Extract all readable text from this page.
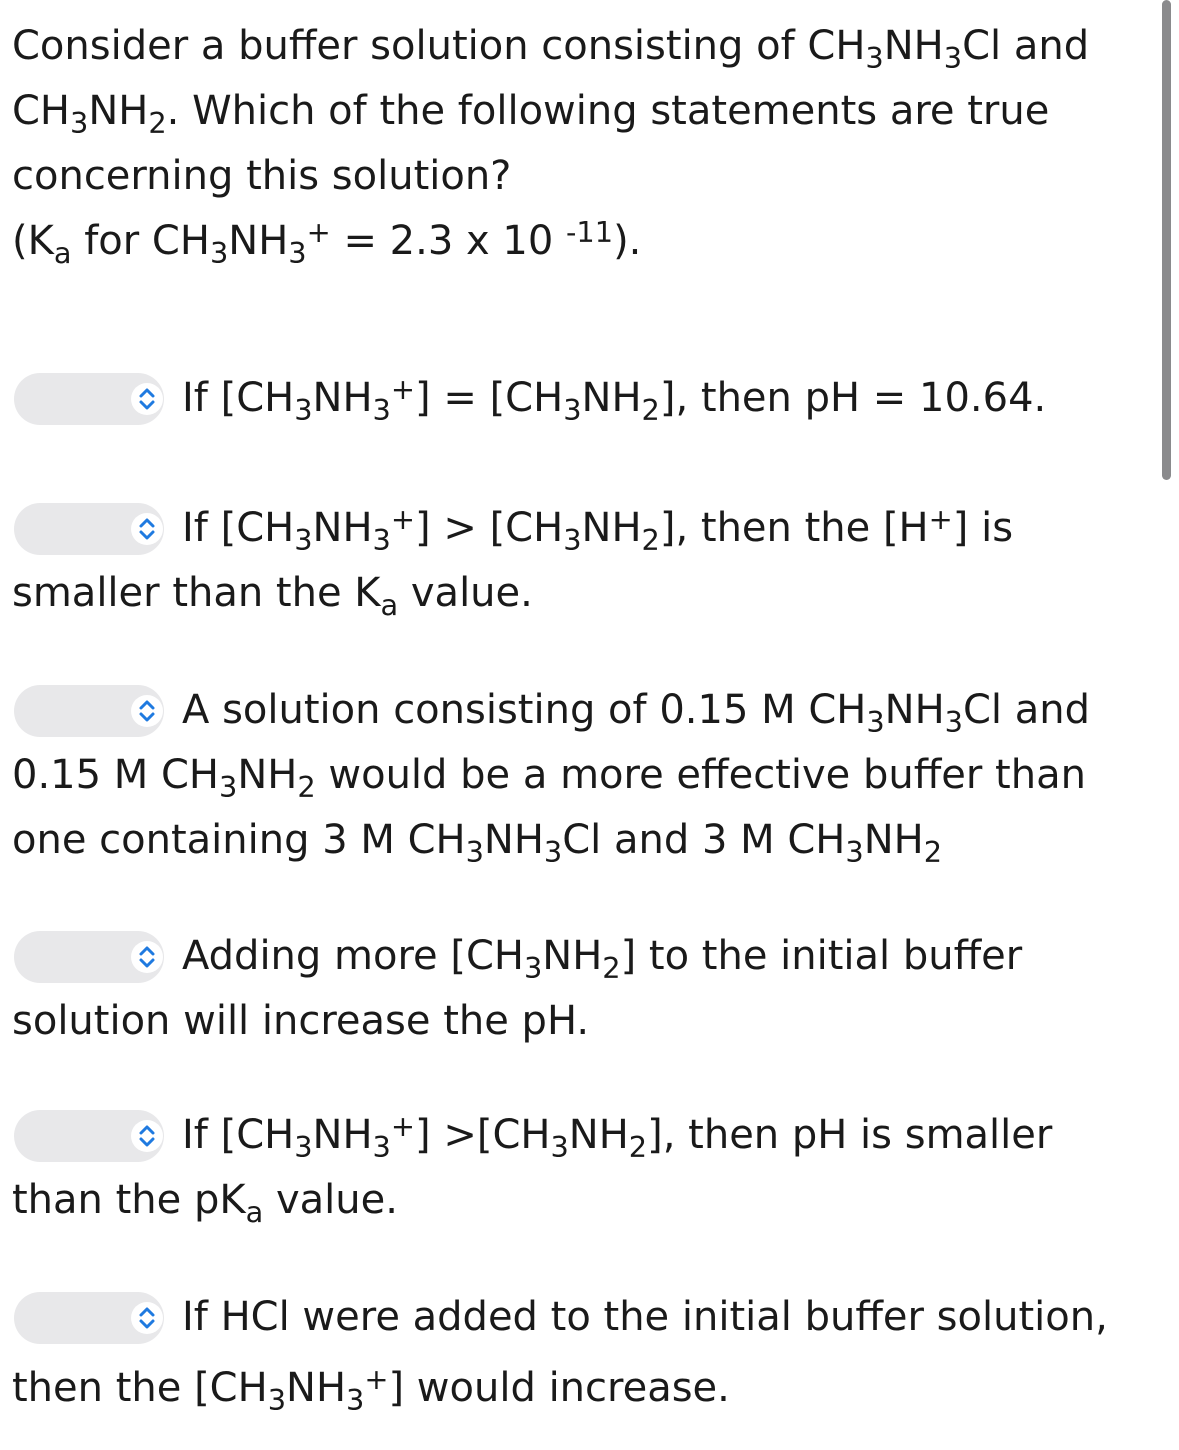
Consider a buffer solution consisting of $CH_3NH_3Cl$ and
$CH_3NH_2$. Which of the following statements are true
concerning this solution?
($K_a$ for $CH_3NH_3^+ = 2.3$ x 10 $^{-11}$).
If $[CH_3NH_3^+] = [CH_3NH_2]$, then pH = 10.64.
If $[CH_3NH_3^+] > [CH_3NH_2]$, then the [H+] is
smaller than the $K_a$ value.
A solution consisting of 0.15 M $CH_3NH_3Cl$ and
0.15 M $CH_3NH_2$ would be a more effective buffer than
one containing 3 M $CH_3NH_3Cl$ and 3 M $CH_3NH_2$
Adding more $[CH_3NH_2]$ to the initial buffer
solution will increase the pH.
If $[CH_3NH_3^+] >[CH_3NH_2]$, then pH is smaller
than the $pK_a$ value.
If HCl were added to the initial buffer solution,
then the $[CH_3NH_3^+]$ would increase.
